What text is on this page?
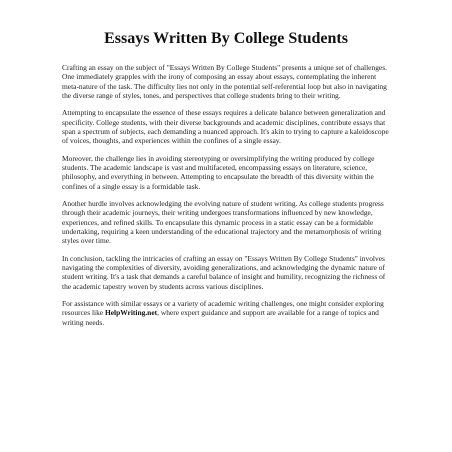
Essays Written By College Students

Crafting an essay on the subject of "Essays Written By College Students" presents a unique set of challenges. One immediately grapples with the irony of composing an essay about essays, contemplating the inherent meta-nature of the task. The difficulty lies not only in the potential self-referential loop but also in navigating the diverse range of styles, tones, and perspectives that college students bring to their writing.

Attempting to encapsulate the essence of these essays requires a delicate balance between generalization and specificity. College students, with their diverse backgrounds and academic disciplines, contribute essays that span a spectrum of subjects, each demanding a nuanced approach. It's akin to trying to capture a kaleidoscope of voices, thoughts, and experiences within the confines of a single essay.

Moreover, the challenge lies in avoiding stereotyping or oversimplifying the writing produced by college students. The academic landscape is vast and multifaceted, encompassing essays on literature, science, philosophy, and everything in between. Attempting to encapsulate the breadth of this diversity within the confines of a single essay is a formidable task.

Another hurdle involves acknowledging the evolving nature of student writing. As college students progress through their academic journeys, their writing undergoes transformations influenced by new knowledge, experiences, and refined skills. To encapsulate this dynamic process in a static essay can be a formidable undertaking, requiring a keen understanding of the educational trajectory and the metamorphosis of writing styles over time.

In conclusion, tackling the intricacies of crafting an essay on "Essays Written By College Students" involves navigating the complexities of diversity, avoiding generalizations, and acknowledging the dynamic nature of student writing. It's a task that demands a careful balance of insight and humility, recognizing the richness of the academic tapestry woven by students across various disciplines.

For assistance with similar essays or a variety of academic writing challenges, one might consider exploring resources like HelpWriting.net, where expert guidance and support are available for a range of topics and writing needs.
